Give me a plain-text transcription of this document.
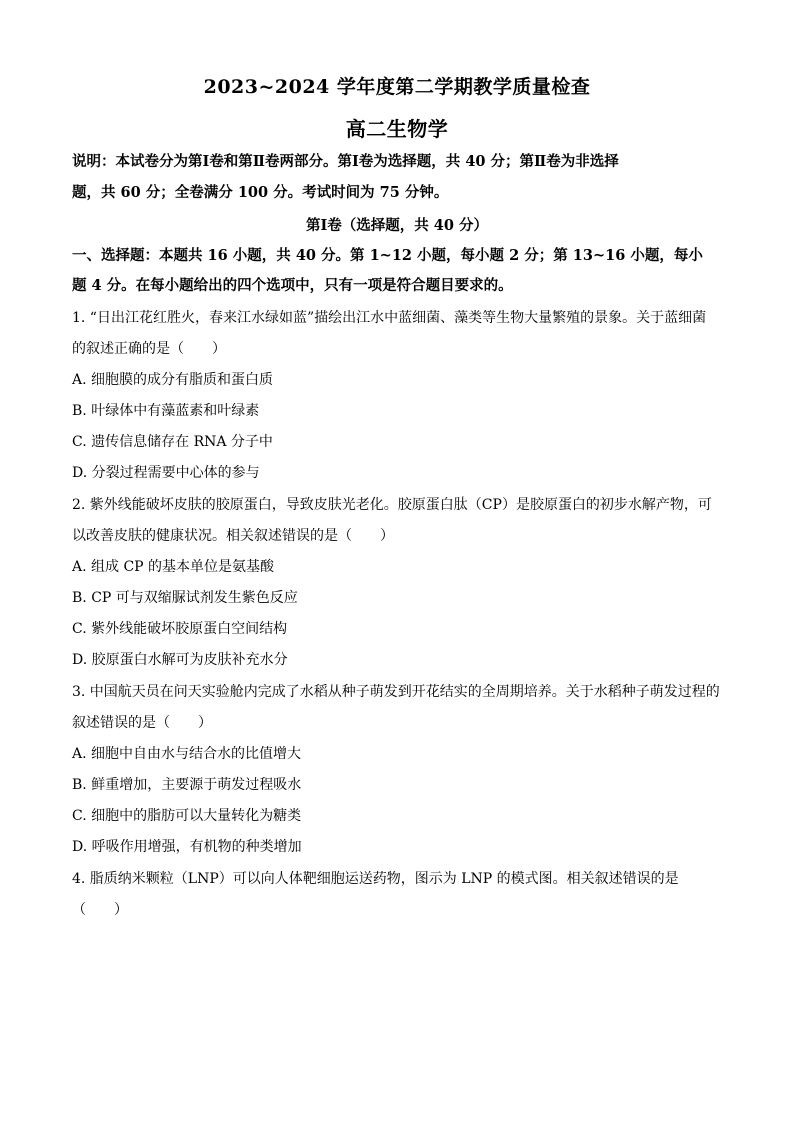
2023~2024 学年度第二学期教学质量检查
高二生物学
说明：本试卷分为第Ⅰ卷和第Ⅱ卷两部分。第Ⅰ卷为选择题，共 40 分；第Ⅱ卷为非选择
题，共 60 分；全卷满分 100 分。考试时间为 75 分钟。
第Ⅰ卷（选择题，共 40 分）
一、选择题：本题共 16 小题，共 40 分。第 1~12 小题，每小题 2 分；第 13~16 小题，每小
题 4 分。在每小题给出的四个选项中，只有一项是符合题目要求的。
1. “日出江花红胜火，春来江水绿如蓝”描绘出江水中蓝细菌、藻类等生物大量繁殖的景象。关于蓝细菌
的叙述正确的是（　　）
A. 细胞膜的成分有脂质和蛋白质
B. 叶绿体中有藻蓝素和叶绿素
C. 遗传信息储存在 RNA 分子中
D. 分裂过程需要中心体的参与
2. 紫外线能破坏皮肤的胶原蛋白，导致皮肤光老化。胶原蛋白肽（CP）是胶原蛋白的初步水解产物，可
以改善皮肤的健康状况。相关叙述错误的是（　　）
A. 组成 CP 的基本单位是氨基酸
B. CP 可与双缩脲试剂发生紫色反应
C. 紫外线能破坏胶原蛋白空间结构
D. 胶原蛋白水解可为皮肤补充水分
3. 中国航天员在问天实验舱内完成了水稻从种子萌发到开花结实的全周期培养。关于水稻种子萌发过程的
叙述错误的是（　　）
A. 细胞中自由水与结合水的比值增大
B. 鲜重增加，主要源于萌发过程吸水
C. 细胞中的脂肪可以大量转化为糖类
D. 呼吸作用增强，有机物的种类增加
4. 脂质纳米颗粒（LNP）可以向人体靶细胞运送药物，图示为 LNP 的模式图。相关叙述错误的是
（　　）
